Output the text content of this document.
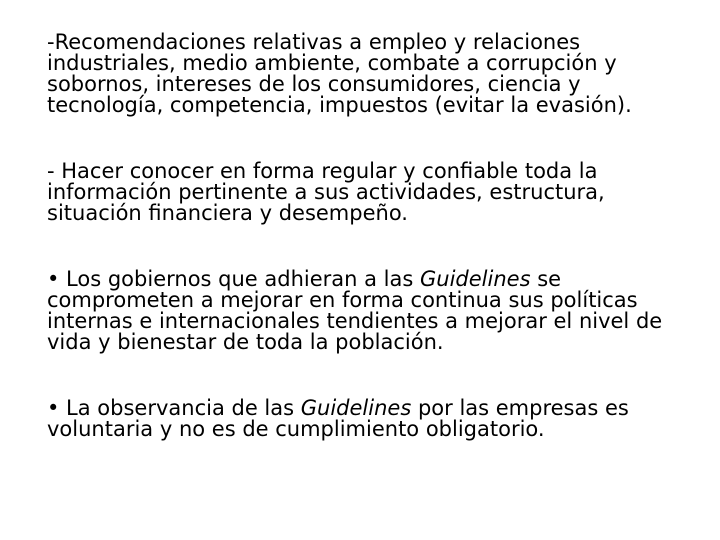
-Recomendaciones relativas a empleo y relaciones industriales, medio ambiente, combate a corrupción y sobornos, intereses de los consumidores, ciencia y tecnología, competencia, impuestos (evitar la evasión).

- Hacer conocer en forma regular y confiable toda la información pertinente a sus actividades, estructura, situación financiera y desempeño.

• Los gobiernos que adhieran a las Guidelines se comprometen a mejorar en forma continua sus políticas internas e internacionales tendientes a mejorar el nivel de vida y bienestar de toda la población.

• La observancia de las Guidelines por las empresas es voluntaria y no es de cumplimiento obligatorio.
